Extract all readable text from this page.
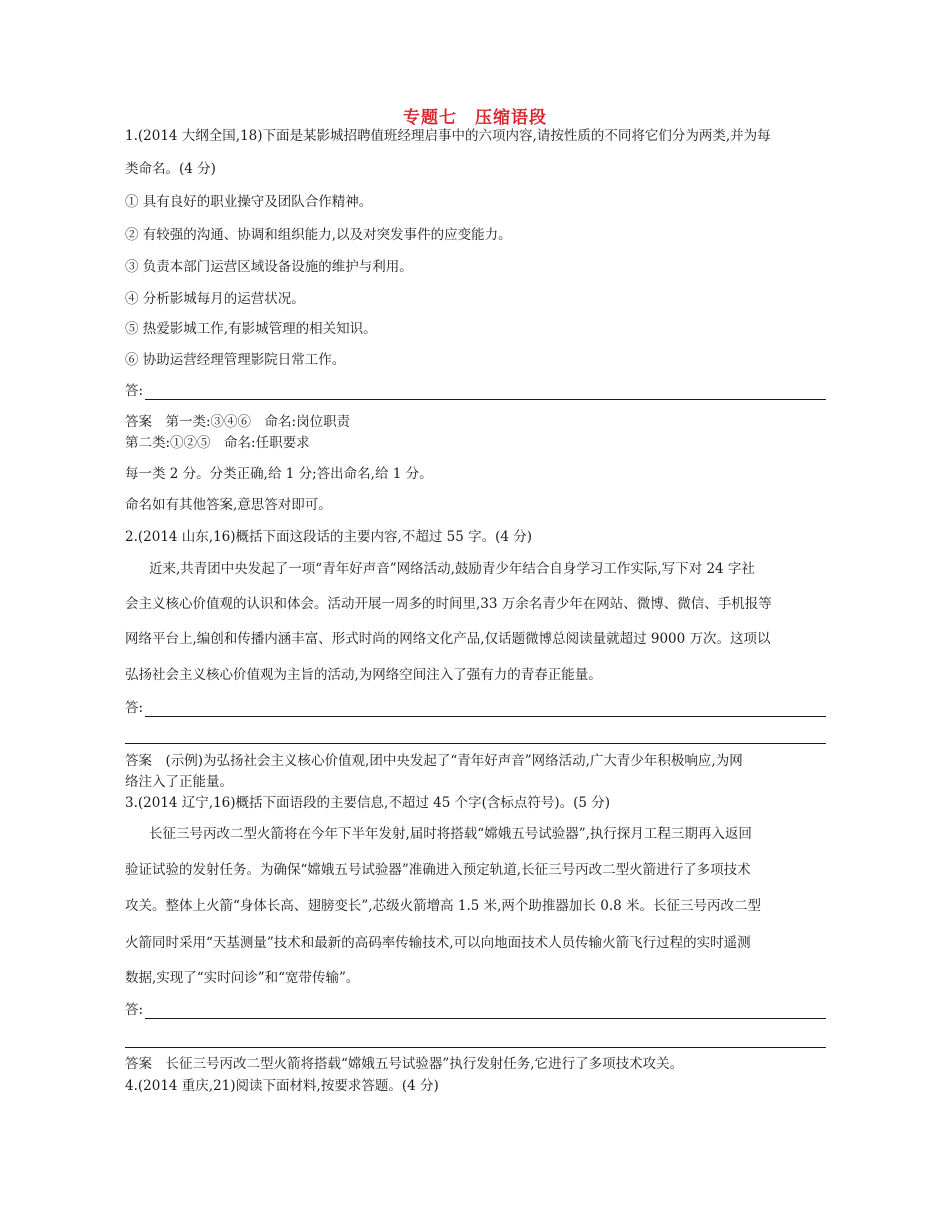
专题七　压缩语段
1.(2014 大纲全国,18)下面是某影城招聘值班经理启事中的六项内容,请按性质的不同将它们分为两类,并为每
类命名。(4 分)
① 具有良好的职业操守及团队合作精神。
② 有较强的沟通、协调和组织能力,以及对突发事件的应变能力。
③ 负责本部门运营区域设备设施的维护与利用。
④ 分析影城每月的运营状况。
⑤ 热爱影城工作,有影城管理的相关知识。
⑥ 协助运营经理管理影院日常工作。
答:
答案　第一类:③④⑥　命名:岗位职责
第二类:①②⑤　命名:任职要求
每一类 2 分。分类正确,给 1 分;答出命名,给 1 分。
命名如有其他答案,意思答对即可。
2.(2014 山东,16)概括下面这段话的主要内容,不超过 55 字。(4 分)
近来,共青团中央发起了一项“青年好声音”网络活动,鼓励青少年结合自身学习工作实际,写下对 24 字社
会主义核心价值观的认识和体会。活动开展一周多的时间里,33 万余名青少年在网站、微博、微信、手机报等
网络平台上,编创和传播内涵丰富、形式时尚的网络文化产品,仅话题微博总阅读量就超过 9000 万次。这项以
弘扬社会主义核心价值观为主旨的活动,为网络空间注入了强有力的青春正能量。
答:
答案　(示例)为弘扬社会主义核心价值观,团中央发起了“青年好声音”网络活动,广大青少年积极响应,为网
络注入了正能量。
3.(2014 辽宁,16)概括下面语段的主要信息,不超过 45 个字(含标点符号)。(5 分)
长征三号丙改二型火箭将在今年下半年发射,届时将搭载“嫦娥五号试验器”,执行探月工程三期再入返回
验证试验的发射任务。为确保“嫦娥五号试验器”准确进入预定轨道,长征三号丙改二型火箭进行了多项技术
攻关。整体上火箭“身体长高、翅膀变长”,芯级火箭增高 1.5 米,两个助推器加长 0.8 米。长征三号丙改二型
火箭同时采用“天基测量”技术和最新的高码率传输技术,可以向地面技术人员传输火箭飞行过程的实时遥测
数据,实现了“实时问诊”和“宽带传输”。
答:
答案　长征三号丙改二型火箭将搭载“嫦娥五号试验器”执行发射任务,它进行了多项技术攻关。
4.(2014 重庆,21)阅读下面材料,按要求答题。(4 分)
